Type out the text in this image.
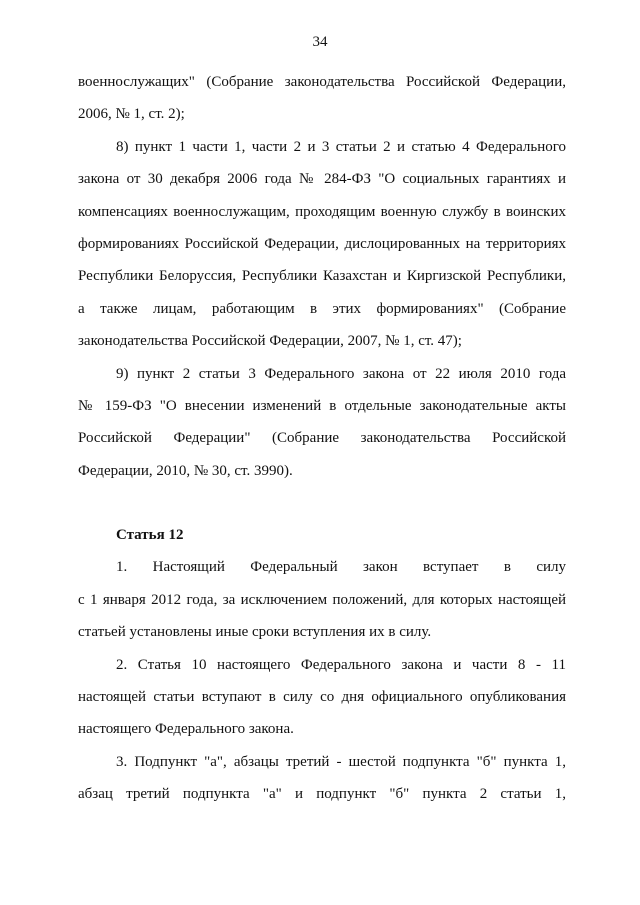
34
военнослужащих" (Собрание законодательства Российской Федерации,
2006, № 1, ст. 2);
8) пункт 1 части 1, части 2 и 3 статьи 2 и статью 4 Федерального
закона от 30 декабря 2006 года № 284-ФЗ "О социальных гарантиях и
компенсациях военнослужащим, проходящим военную службу в воинских
формированиях Российской Федерации, дислоцированных на территориях
Республики Белоруссия, Республики Казахстан и Киргизской Республики,
а также лицам, работающим в этих формированиях" (Собрание
законодательства Российской Федерации, 2007, № 1, ст. 47);
9) пункт 2 статьи 3 Федерального закона от 22 июля 2010 года
№ 159-ФЗ "О внесении изменений в отдельные законодательные акты
Российской Федерации" (Собрание законодательства Российской
Федерации, 2010, № 30, ст. 3990).
Статья 12
1. Настоящий Федеральный закон вступает в силу
с 1 января 2012 года, за исключением положений, для которых настоящей
статьей установлены иные сроки вступления их в силу.
2. Статья 10 настоящего Федерального закона и части 8 - 11
настоящей статьи вступают в силу со дня официального опубликования
настоящего Федерального закона.
3. Подпункт "а", абзацы третий - шестой подпункта "б" пункта 1,
абзац третий подпункта "а" и подпункт "б" пункта 2 статьи 1,
